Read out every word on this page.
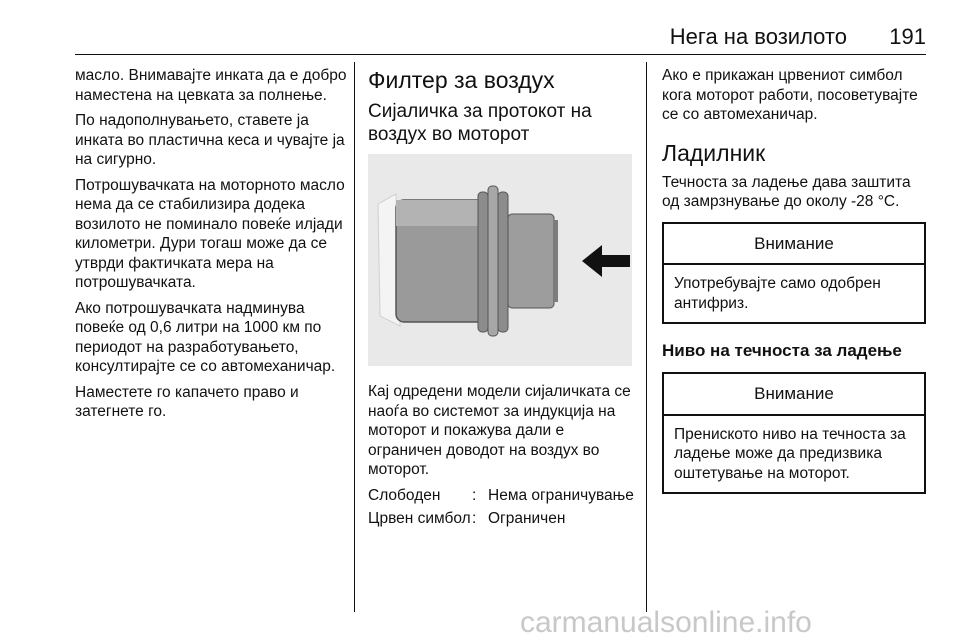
Нега на возилото 191

масло. Внимавајте инката да е добро наместена на цевката за полнење.

По надополнувањето, ставете ја инката во пластична кеса и чувајте ја на сигурно.

Потрошувачката на моторното масло нема да се стабилизира додека возилото не поминало повеќе илјади километри. Дури тогаш може да се утврди фактичката мера на потрошувачката.

Ако потрошувачката надминува повеќе од 0,6 литри на 1000 км по периодот на разработувањето, консултирајте се со автомеханичар.

Наместете го капачето право и затегнете го.

Филтер за воздух
Сијаличка за протокот на воздух во моторот

Кај одредени модели сијаличката се наоѓа во системот за индукција на моторот и покажува дали е ограничен доводот на воздух во моторот.

Слободен	: Нема ограничување
Црвен симбол : Ограничен

Ако е прикажан црвениот симбол кога моторот работи, посоветувајте се со автомеханичар.

Ладилник

Течноста за ладење дава заштита од замрзнување до околу -28 °C.

Внимание
Употребувајте само одобрен антифриз.
Ниво на течноста за ладење
Внимание
Прениското ниво на течноста за ладење може да предизвика оштетување на моторот.
carmanualsonline.info
